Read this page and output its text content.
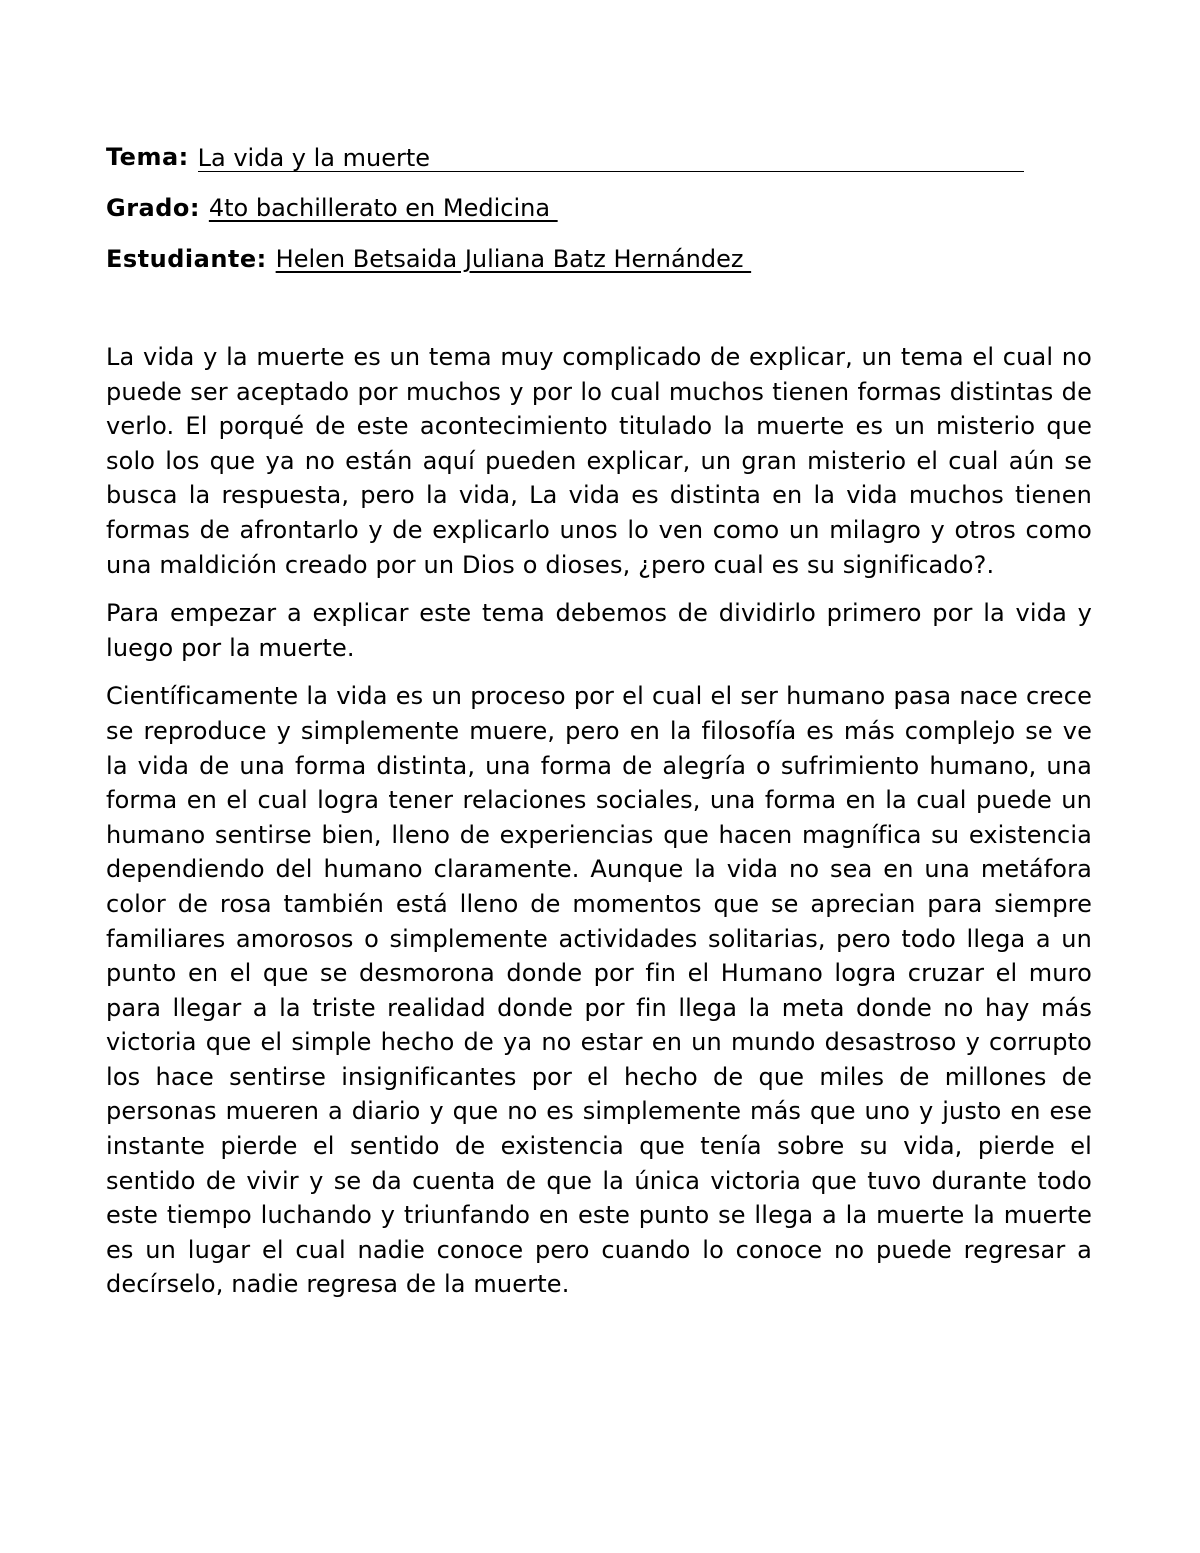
Tema: La vida y la muerte
Grado: 4to bachillerato en Medicina
Estudiante: Helen Betsaida Juliana Batz Hernández

La vida y la muerte es un tema muy complicado de explicar, un tema el cual no puede ser aceptado por muchos y por lo cual muchos tienen formas distintas de verlo. El porqué de este acontecimiento titulado la muerte es un misterio que solo los que ya no están aquí pueden explicar, un gran misterio el cual aún se busca la respuesta, pero la vida, La vida es distinta en la vida muchos tienen formas de afrontarlo y de explicarlo unos lo ven como un milagro y otros como una maldición creado por un Dios o dioses, ¿pero cual es su significado?.

Para empezar a explicar este tema debemos de dividirlo primero por la vida y luego por la muerte.

Científicamente la vida es un proceso por el cual el ser humano pasa nace crece se reproduce y simplemente muere, pero en la filosofía es más complejo se ve la vida de una forma distinta, una forma de alegría o sufrimiento humano, una forma en el cual logra tener relaciones sociales, una forma en la cual puede un humano sentirse bien, lleno de experiencias que hacen magnífica su existencia dependiendo del humano claramente. Aunque la vida no sea en una metáfora color de rosa también está lleno de momentos que se aprecian para siempre familiares amorosos o simplemente actividades solitarias, pero todo llega a un punto en el que se desmorona donde por fin el Humano logra cruzar el muro para llegar a la triste realidad donde por fin llega la meta donde no hay más victoria que el simple hecho de ya no estar en un mundo desastroso y corrupto los hace sentirse insignificantes por el hecho de que miles de millones de personas mueren a diario y que no es simplemente más que uno y justo en ese instante pierde el sentido de existencia que tenía sobre su vida, pierde el sentido de vivir y se da cuenta de que la única victoria que tuvo durante todo este tiempo luchando y triunfando en este punto se llega a la muerte la muerte es un lugar el cual nadie conoce pero cuando lo conoce no puede regresar a decírselo, nadie regresa de la muerte.
